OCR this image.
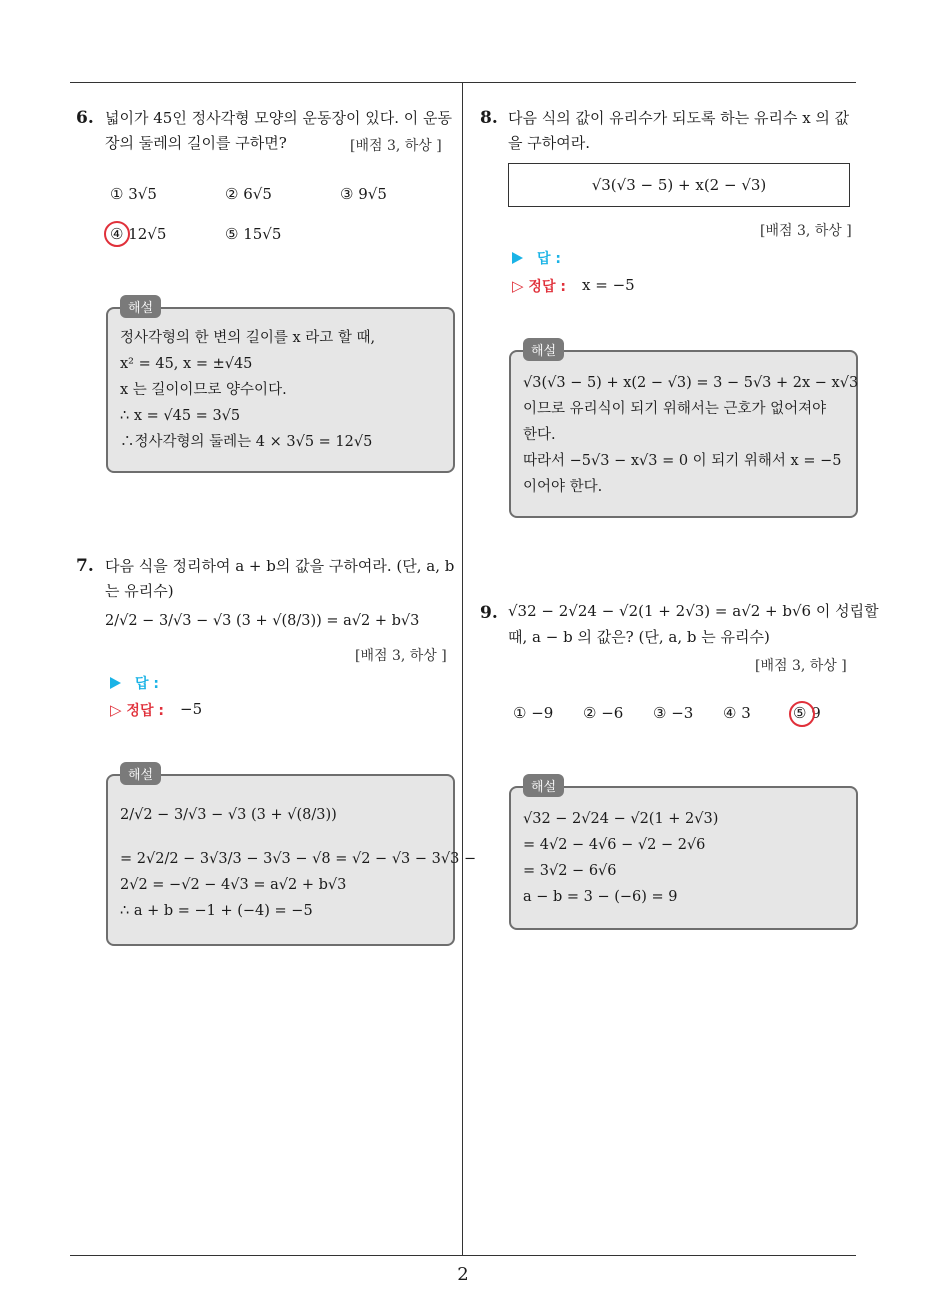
6. 넓이가 45인 정사각형 모양의 운동장이 있다. 이 운동
장의 둘레의 길이를 구하면?	[배점 3, 하상 ]
① 3√5	② 6√5	③ 9√5
④ 12√5	⑤ 15√5
해설
정사각형의 한 변의 길이를 x 라고 할 때,
x² = 45, x = ±√45
x 는 길이이므로 양수이다.
∴ x = √45 = 3√5
∴정사각형의 둘레는 4 × 3√5 = 12√5
7. 다음 식을 정리하여 a + b의 값을 구하여라. (단, a, b
는 유리수)
2/√2 − 3/√3 − √3 (3 + √(8/3)) = a√2 + b√3
[배점 3, 하상 ]
답 :
▷ 정답 : −5
해설
2/√2 − 3/√3 − √3 (3 + √(8/3))
= 2√2/2 − 3√3/3 − 3√3 − √8 = √2 − √3 − 3√3 −
2√2 = −√2 − 4√3 = a√2 + b√3
∴ a + b = −1 + (−4) = −5
8. 다음 식의 값이 유리수가 되도록 하는 유리수 x 의 값
을 구하여라.
√3(√3 − 5) + x(2 − √3)
[배점 3, 하상 ]
답 :
▷ 정답 : x = −5
해설
√3(√3 − 5) + x(2 − √3) = 3 − 5√3 + 2x − x√3
이므로 유리식이 되기 위해서는 근호가 없어져야
한다.
따라서 −5√3 − x√3 = 0 이 되기 위해서 x = −5
이어야 한다.
9. √32 − 2√24 − √2(1 + 2√3) = a√2 + b√6 이 성립할
때, a − b 의 값은? (단, a, b 는 유리수)
[배점 3, 하상 ]
① −9 ② −6 ③ −3 ④ 3	⑤ 9
해설
√32 − 2√24 − √2(1 + 2√3)
= 4√2 − 4√6 − √2 − 2√6
= 3√2 − 6√6
a − b = 3 − (−6) = 9
2
